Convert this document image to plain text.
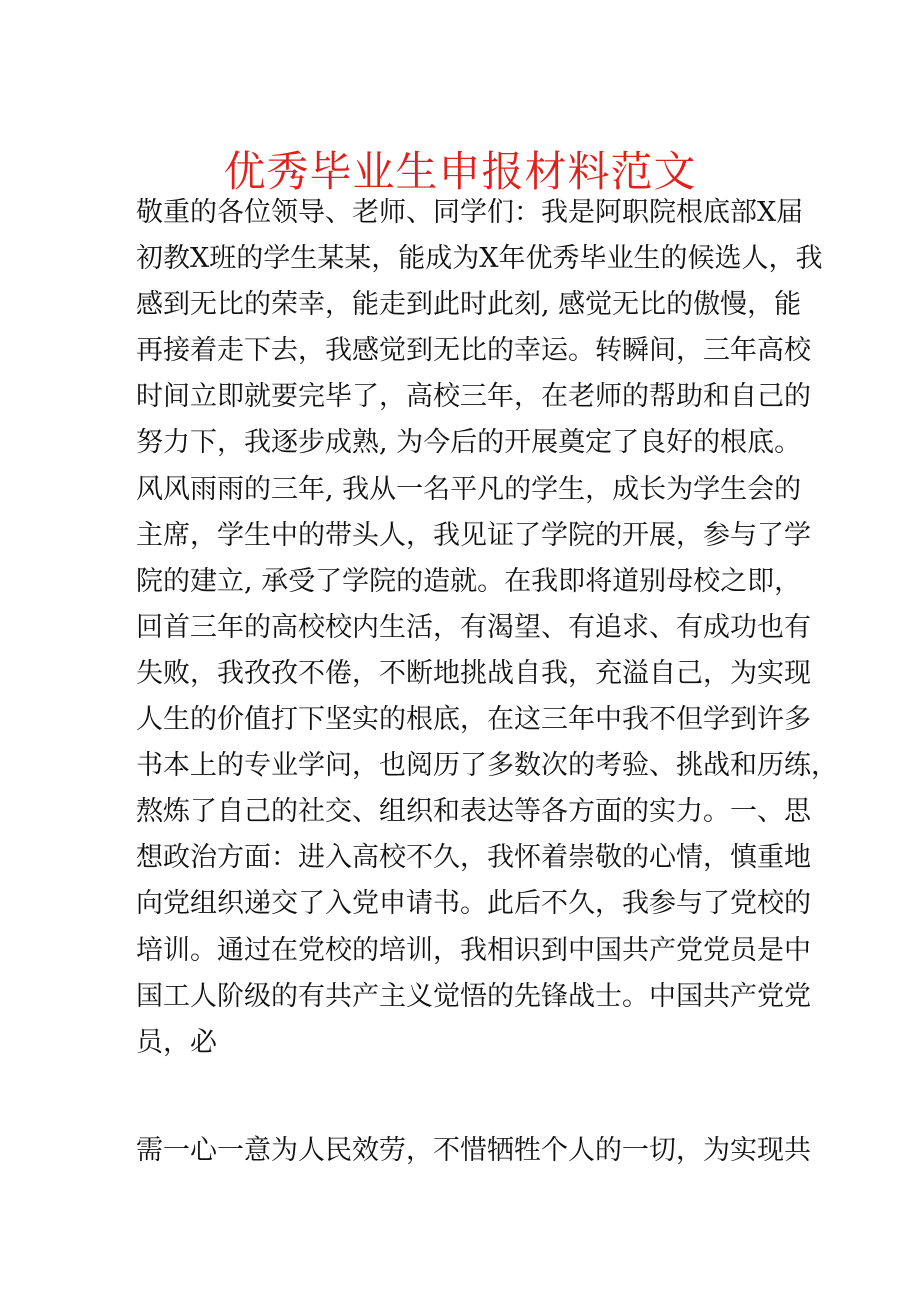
优秀毕业生申报材料范文
敬重的各位领导、老师、同学们：我是阿职院根底部X届
初教X班的学生某某，能成为X年优秀毕业生的候选人，我
感到无比的荣幸，能走到此时此刻, 感觉无比的傲慢，能
再接着走下去，我感觉到无比的幸运。转瞬间，三年高校
时间立即就要完毕了，高校三年，在老师的帮助和自己的
努力下，我逐步成熟, 为今后的开展奠定了良好的根底。
风风雨雨的三年, 我从一名平凡的学生，成长为学生会的
主席，学生中的带头人，我见证了学院的开展，参与了学
院的建立, 承受了学院的造就。在我即将道别母校之即，
回首三年的高校校内生活，有渴望、有追求、有成功也有
失败，我孜孜不倦，不断地挑战自我，充溢自己，为实现
人生的价值打下坚实的根底，在这三年中我不但学到许多
书本上的专业学问，也阅历了多数次的考验、挑战和历练，
熬炼了自己的社交、组织和表达等各方面的实力。一、思
想政治方面：进入高校不久，我怀着崇敬的心情，慎重地
向党组织递交了入党申请书。此后不久，我参与了党校的
培训。通过在党校的培训，我相识到中国共产党党员是中
国工人阶级的有共产主义觉悟的先锋战士。中国共产党党
员，必
需一心一意为人民效劳，不惜牺牲个人的一切，为实现共
